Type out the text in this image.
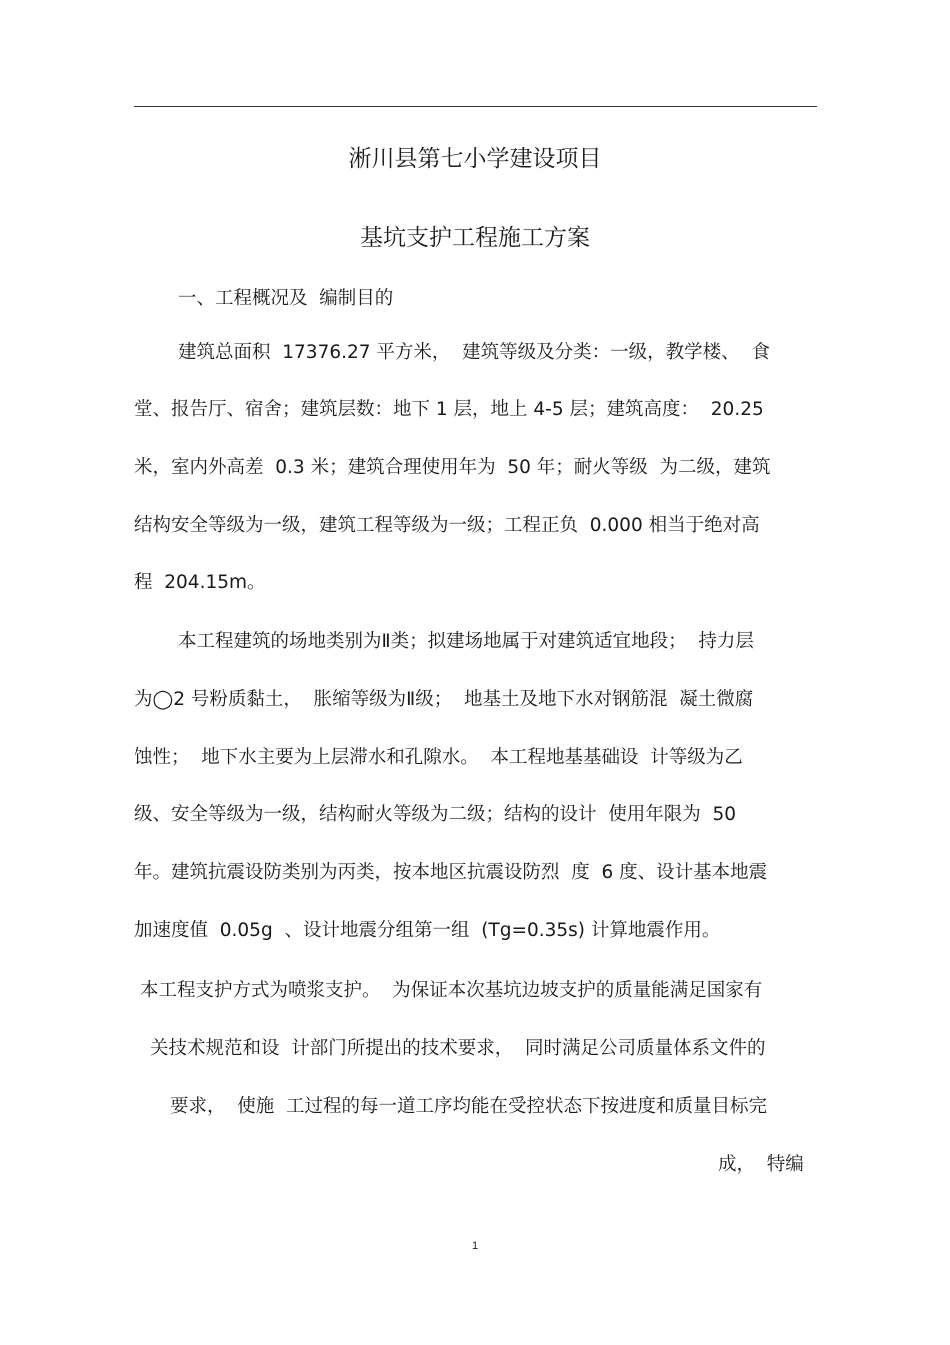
淅川县第七小学建设项目
基坑支护工程施工方案
一、工程概况及  编制目的
建筑总面积  17376.27 平方米，  建筑等级及分类：一级，教学楼、  食
堂、报告厅、宿舍；建筑层数：地下 1 层，地上 4-5 层；建筑高度：  20.25
米，室内外高差  0.3 米；建筑合理使用年为  50 年；耐火等级  为二级，建筑
结构安全等级为一级，建筑工程等级为一级；工程正负  0.000 相当于绝对高
程  204.15m。
本工程建筑的场地类别为Ⅱ类；拟建场地属于对建筑适宜地段；  持力层
为◯2 号粉质黏土，  胀缩等级为Ⅱ级；  地基土及地下水对钢筋混  凝土微腐
蚀性；  地下水主要为上层滞水和孔隙水。  本工程地基基础设  计等级为乙
级、安全等级为一级，结构耐火等级为二级；结构的设计  使用年限为  50
年。建筑抗震设防类别为丙类，按本地区抗震设防烈  度  6 度、设计基本地震
加速度值  0.05g  、设计地震分组第一组  (Tg=0.35s) 计算地震作用。
本工程支护方式为喷浆支护。  为保证本次基坑边坡支护的质量能满足国家有
关技术规范和设  计部门所提出的技术要求，  同时满足公司质量体系文件的
要求，  使施  工过程的每一道工序均能在受控状态下按进度和质量目标完
成，  特编
1
